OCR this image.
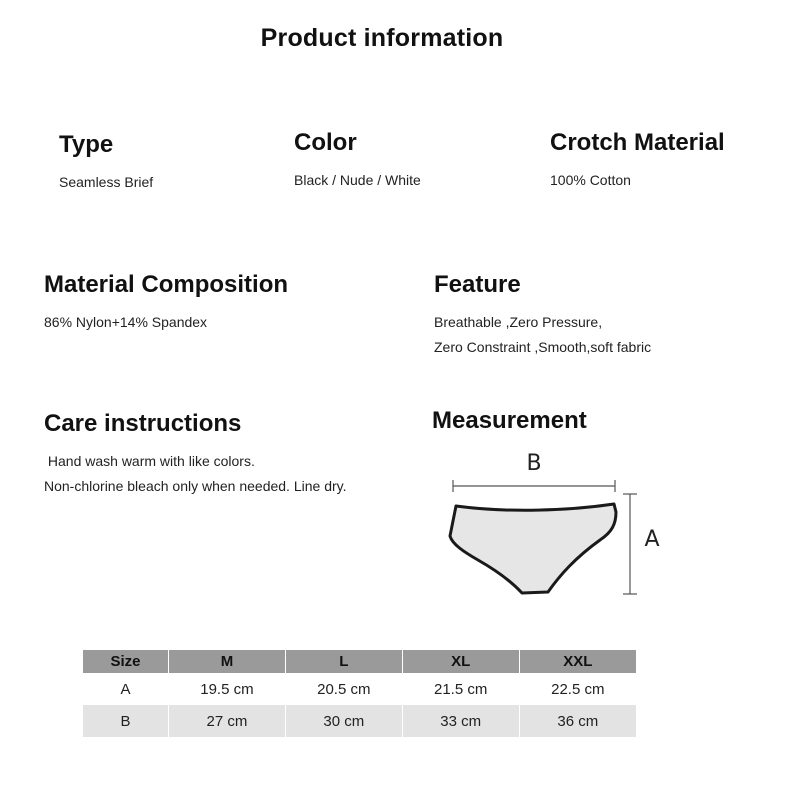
Product information
Type
Seamless Brief
Color
Black / Nude / White
Crotch Material
100% Cotton
Material Composition
86% Nylon+14% Spandex
Feature
Breathable ,Zero Pressure,
Zero Constraint ,Smooth,soft fabric
Care instructions
Hand wash warm with like colors.
Non-chlorine bleach only when needed. Line dry.
Measurement
B
A
Size	M	L	XL	XXL
A	19.5 cm	20.5 cm	21.5 cm	22.5 cm
B	27 cm	30 cm	33 cm	36 cm
